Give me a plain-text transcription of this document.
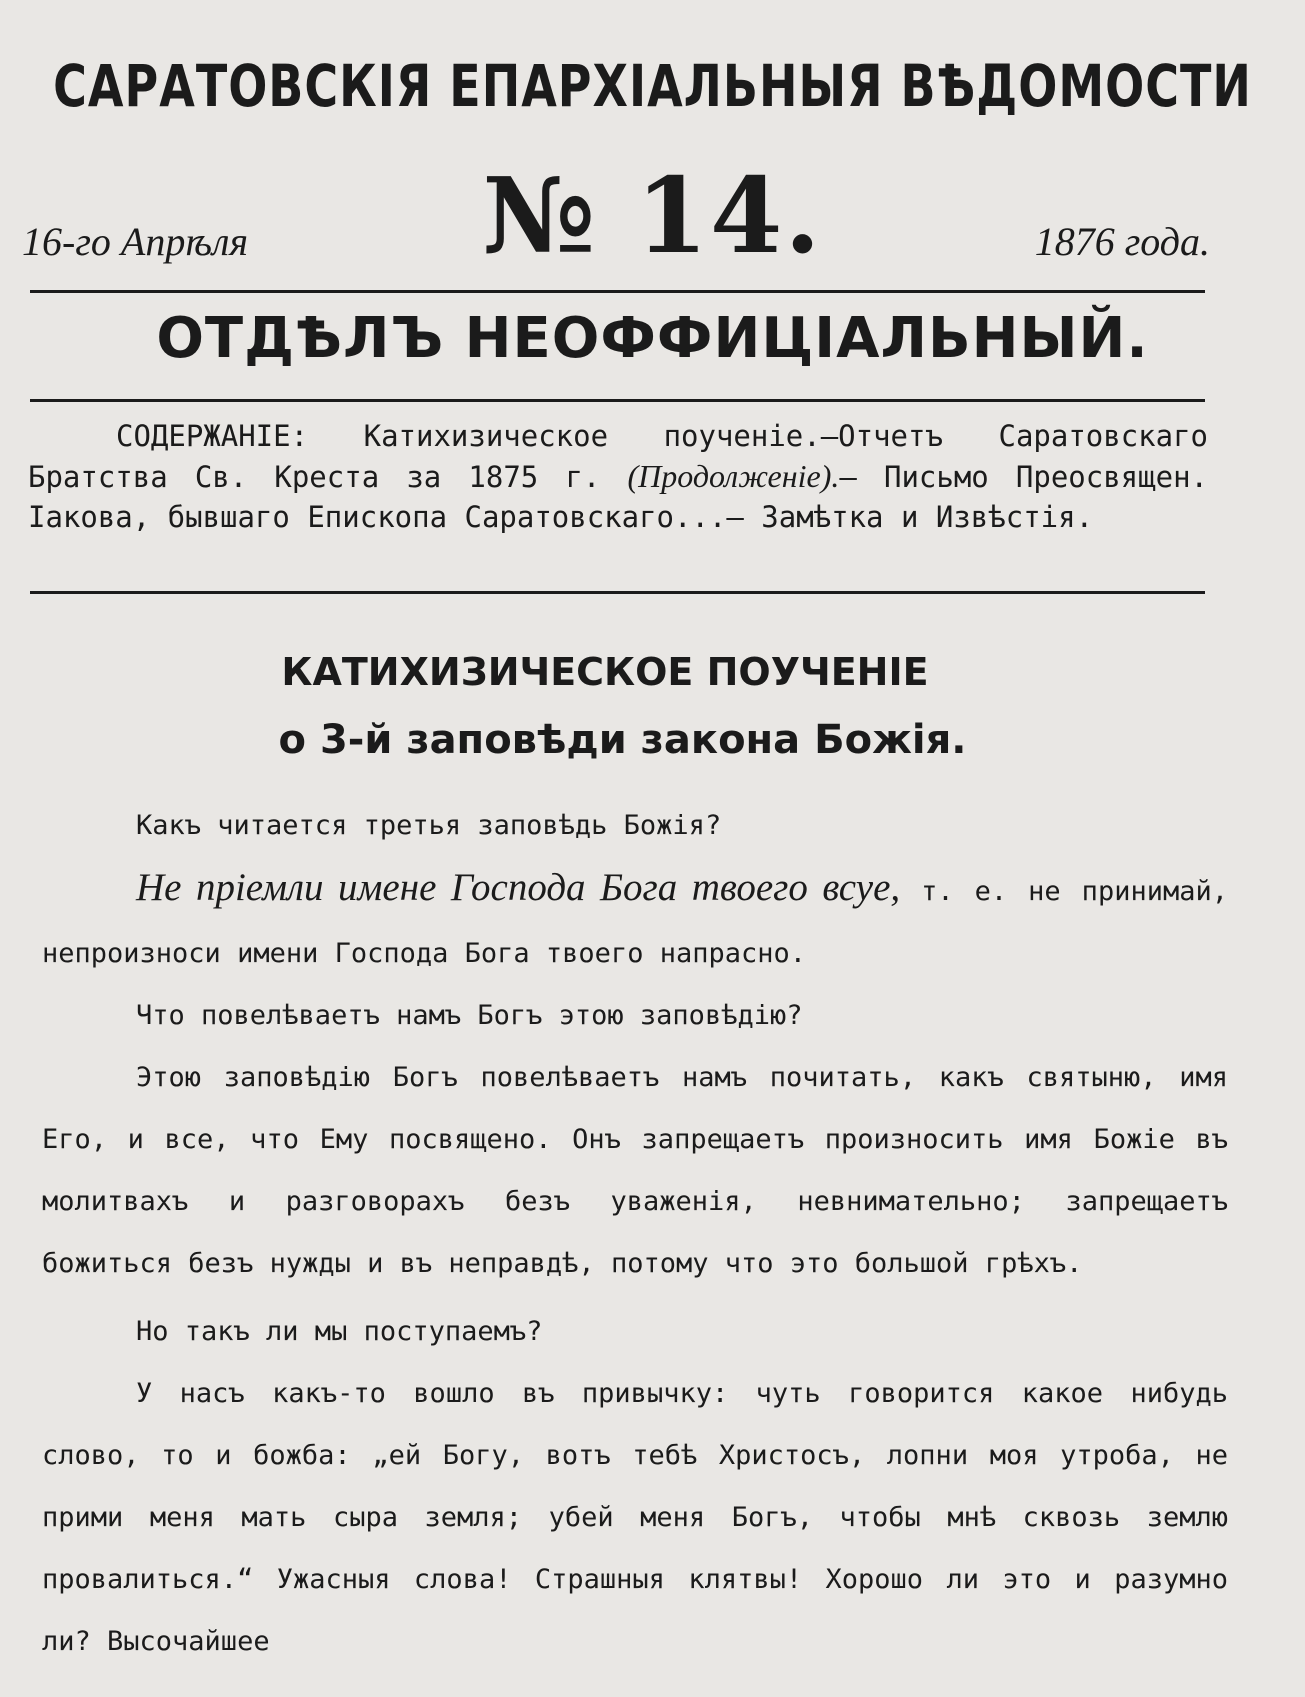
САРАТОВСКІЯ ЕПАРХІАЛЬНЫЯ ВѢДОМОСТИ
16-го Апрѣля	№ 14.	1876 года.
ОТДѢЛЪ НЕОФФИЦІАЛЬНЫЙ.
СОДЕРЖАНІЕ: Катихизическое поученіе.—Отчетъ Саратовскаго Братства Св. Креста за 1875 г. (Продолженіе).— Письмо Преосвящен. Іакова, бывшаго Епископа Саратовскаго...— Замѣтка и Извѣстія.
КАТИХИЗИЧЕСКОЕ ПОУЧЕНІЕ
о 3-й заповѣди закона Божія.

Какъ читается третья заповѣдь Божія?

Не пріемли имене Господа Бога твоего всуе, т. е. не принимай, непроизноси имени Господа Бога твоего напрасно.

Что повелѣваетъ намъ Богъ этою заповѣдію?

Этою заповѣдію Богъ повелѣваетъ намъ почитать, какъ святыню, имя Его, и все, что Ему посвящено. Онъ запрещаетъ произносить имя Божіе въ молитвахъ и разговорахъ безъ уваженія, невнимательно; запрещаетъ божиться безъ нужды и въ неправдѣ, потому что это большой грѣхъ.

Но такъ ли мы поступаемъ?

У насъ какъ-то вошло въ привычку: чуть говорится какое нибудь слово, то и божба: „ей Богу, вотъ тебѣ Христосъ, лопни моя утроба, не прими меня мать сыра земля; убей меня Богъ, чтобы мнѣ сквозь землю провалиться.“ Ужасныя слова! Страшныя клятвы! Хорошо ли это и разумно ли? Высочайшее
